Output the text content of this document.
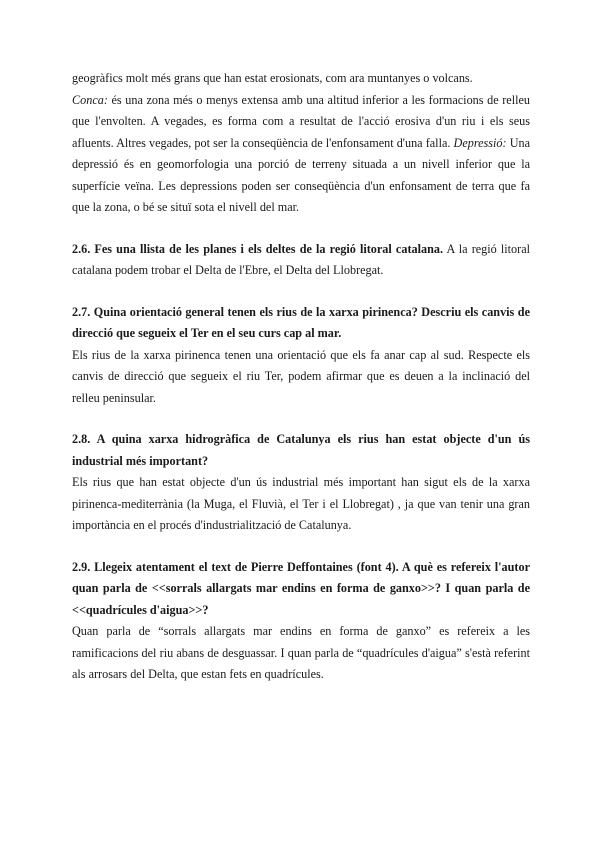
geogràfics molt més grans que han estat erosionats, com ara muntanyes o volcans.

Conca: és una zona més o menys extensa amb una altitud inferior a les formacions de relleu que l'envolten. A vegades, es forma com a resultat de l'acció erosiva d'un riu i els seus afluents. Altres vegades, pot ser la conseqüència de l'enfonsament d'una falla. Depressió: Una depressió és en geomorfologia una porció de terreny situada a un nivell inferior que la superfície veïna. Les depressions poden ser conseqüència d'un enfonsament de terra que fa que la zona, o bé se situï sota el nivell del mar.

2.6. Fes una llista de les planes i els deltes de la regió litoral catalana. A la regió litoral catalana podem trobar el Delta de l'Ebre, el Delta del Llobregat.

2.7. Quina orientació general tenen els rius de la xarxa pirinenca? Descriu els canvis de direcció que segueix el Ter en el seu curs cap al mar.

Els rius de la xarxa pirinenca tenen una orientació que els fa anar cap al sud. Respecte els canvis de direcció que segueix el riu Ter, podem afirmar que es deuen a la inclinació del relleu peninsular.

2.8. A quina xarxa hidrogràfica de Catalunya els rius han estat objecte d'un ús industrial més important?

Els rius que han estat objecte d'un ús industrial més important han sigut els de la xarxa pirinenca-mediterrània (la Muga, el Fluvià, el Ter i el Llobregat) , ja que van tenir una gran importància en el procés d'industrialització de Catalunya.

2.9. Llegeix atentament el text de Pierre Deffontaines (font 4). A què es refereix l'autor quan parla de <<sorrals allargats mar endins en forma de ganxo>>? I quan parla de <<quadrícules d'aigua>>?

Quan parla de “sorrals allargats mar endins en forma de ganxo” es refereix a les ramificacions del riu abans de desguassar. I quan parla de “quadrícules d'aigua” s'està referint als arrosars del Delta, que estan fets en quadrícules.
